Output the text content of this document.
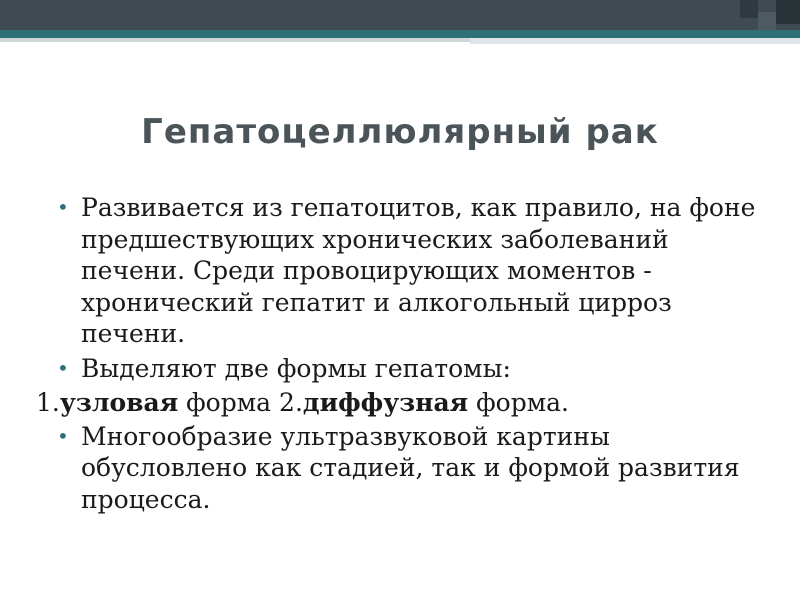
Гепатоцеллюлярный рак
• Развивается из гепатоцитов, как правило, на фоне предшествующих хронических заболеваний печени. Среди провоцирующих моментов - хронический гепатит и алкогольный цирроз печени.
• Выделяют две формы гепатомы:
1.узловая форма 2.диффузная форма.
• Многообразие ультразвуковой картины обусловлено как стадией, так и формой развития процесса.
